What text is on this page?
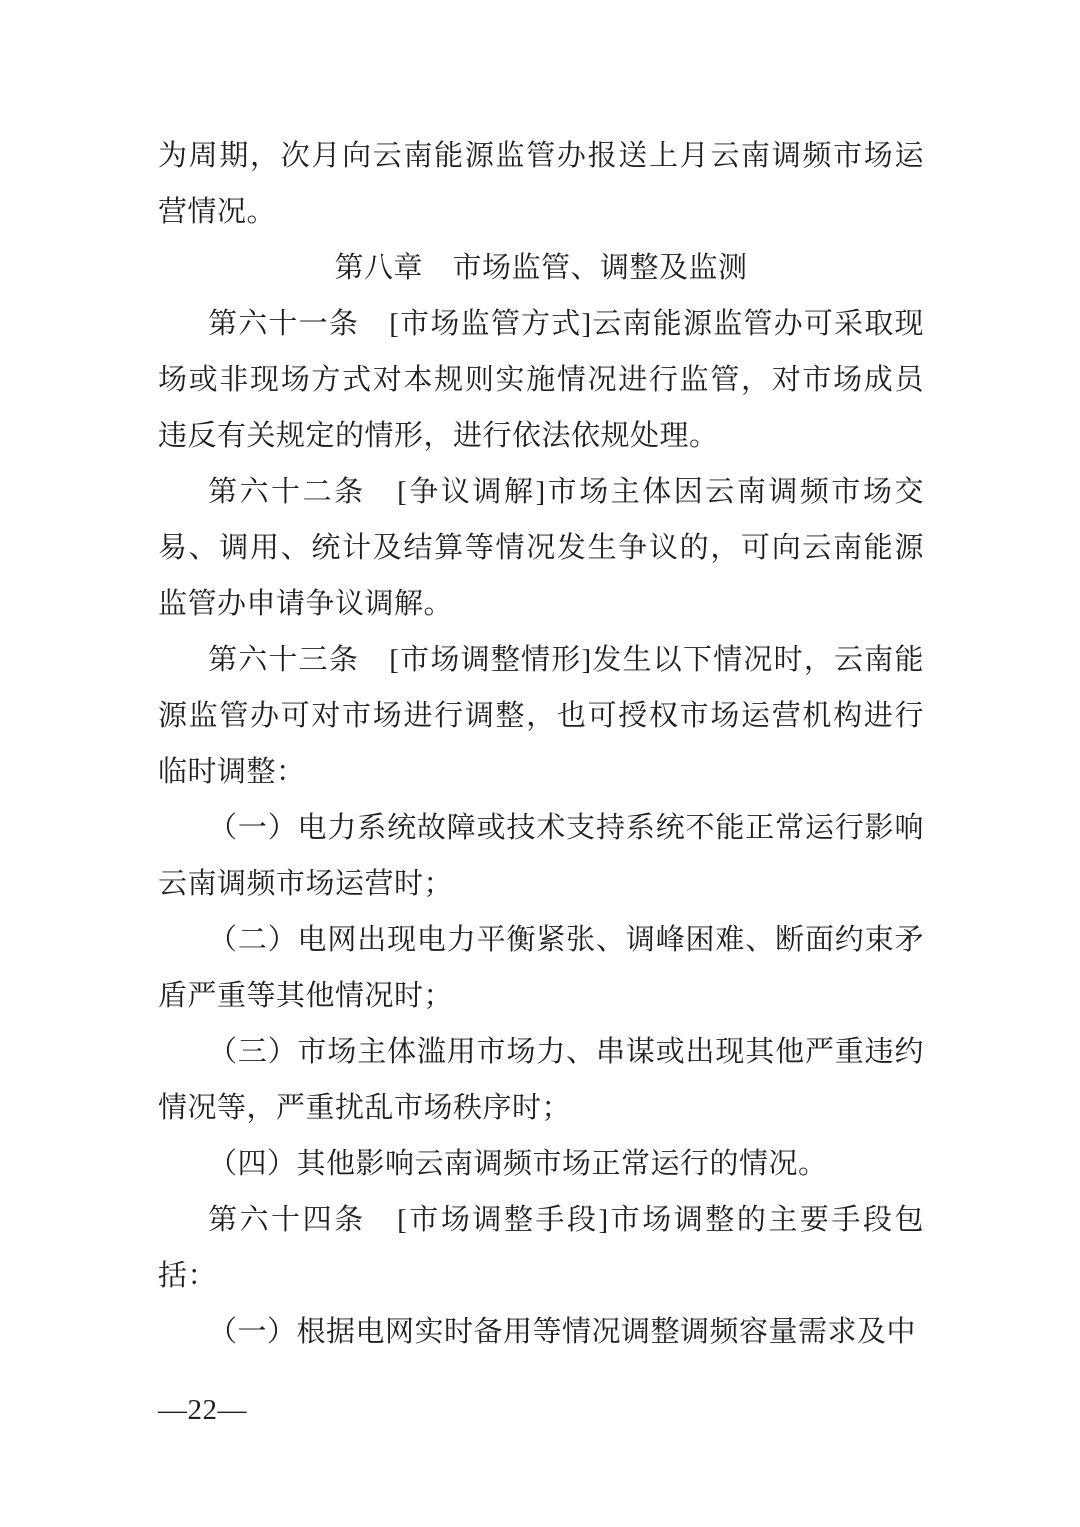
为周期，次月向云南能源监管办报送上月云南调频市场运营情况。

第八章　市场监管、调整及监测

第六十一条　[市场监管方式]云南能源监管办可采取现场或非现场方式对本规则实施情况进行监管，对市场成员违反有关规定的情形，进行依法依规处理。

第六十二条　[争议调解]市场主体因云南调频市场交易、调用、统计及结算等情况发生争议的，可向云南能源监管办申请争议调解。

第六十三条　[市场调整情形]发生以下情况时，云南能源监管办可对市场进行调整，也可授权市场运营机构进行临时调整：

（一）电力系统故障或技术支持系统不能正常运行影响云南调频市场运营时；

（二）电网出现电力平衡紧张、调峰困难、断面约束矛盾严重等其他情况时；

（三）市场主体滥用市场力、串谋或出现其他严重违约情况等，严重扰乱市场秩序时；

（四）其他影响云南调频市场正常运行的情况。

第六十四条　[市场调整手段]市场调整的主要手段包括：

（一）根据电网实时备用等情况调整调频容量需求及中

—22—
